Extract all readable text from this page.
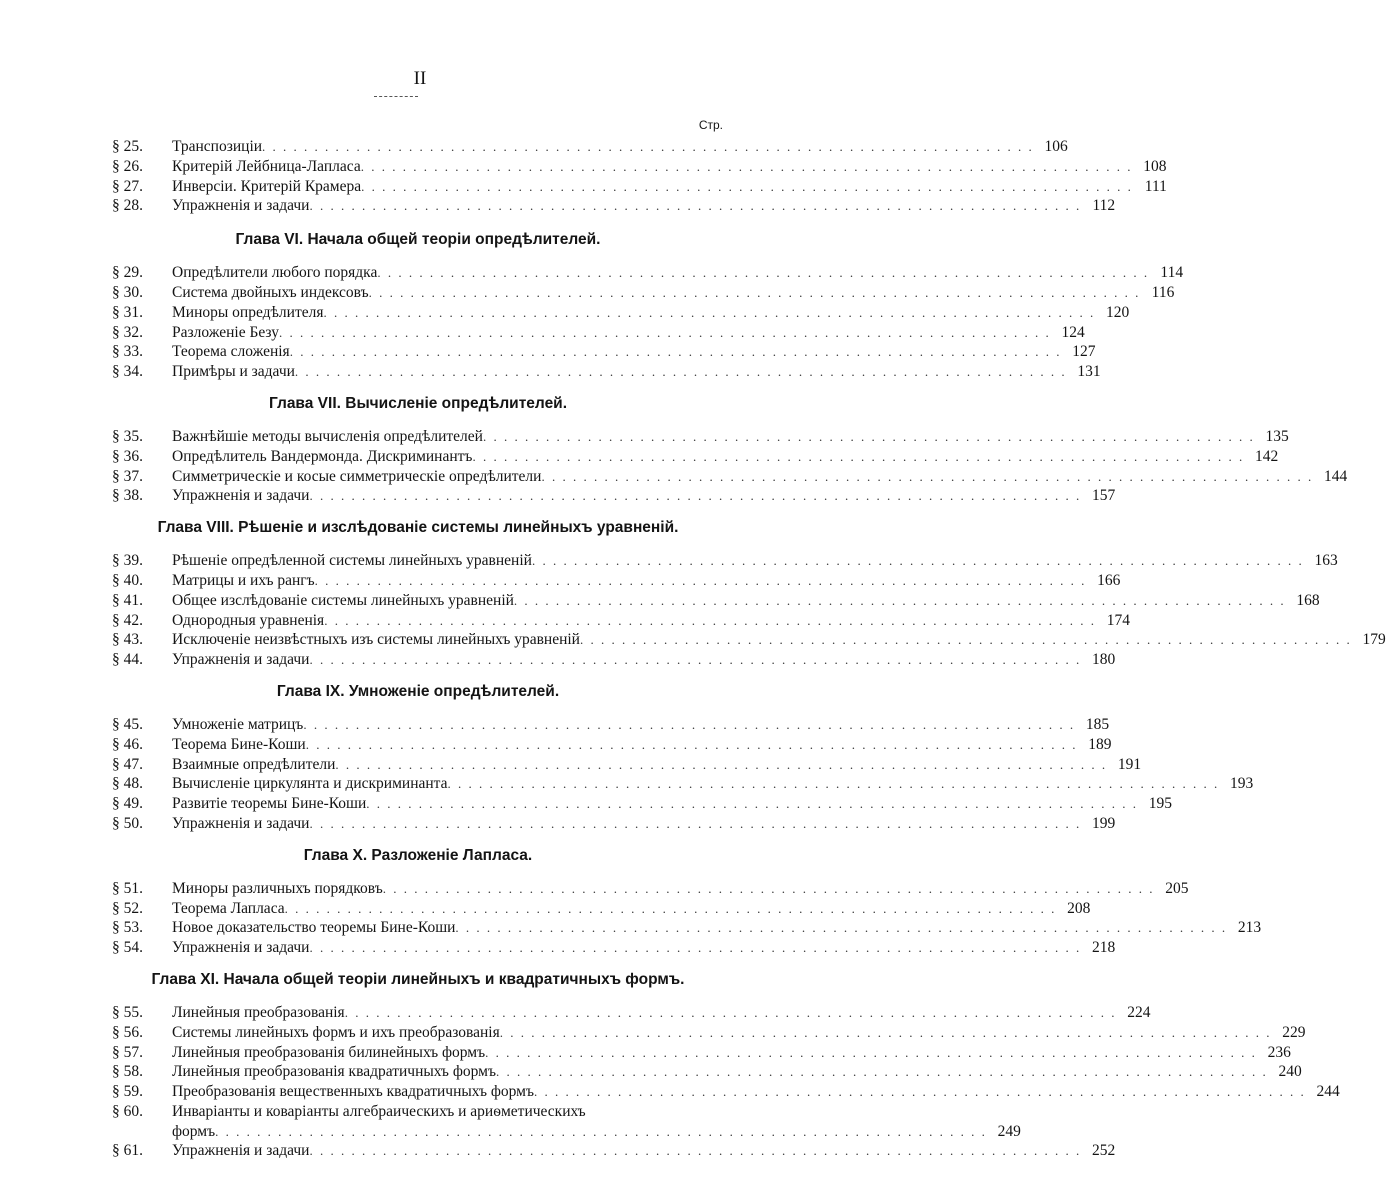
II
Стр.
§ 25.	Транспозиціи . . . . . . . . . . . . . . . . . . . . . . . . . . . . . . . . . . . . . . . . . . . . . . . . . . . . . . . . . . . . . . . . . . . . . . . . . . 106
§ 26.	Критерій Лейбница-Лапласа . . . . . . . . . . . . . . . . . . . . . . . . . . . . . . . . . . . . . . . . . . . . . . . . . . . . . . . . . . . . . . . . . . . . . . . . . . 108
§ 27.	Инверсіи. Критерій Крамера . . . . . . . . . . . . . . . . . . . . . . . . . . . . . . . . . . . . . . . . . . . . . . . . . . . . . . . . . . . . . . . . . . . . . . . . . . 111
§ 28.	Упражненія и задачи . . . . . . . . . . . . . . . . . . . . . . . . . . . . . . . . . . . . . . . . . . . . . . . . . . . . . . . . . . . . . . . . . . . . . . . . . . 112
Глава VI. Начала общей теоріи опредѣлителей.
§ 29.	Опредѣлители любого порядка . . . . . . . . . . . . . . . . . . . . . . . . . . . . . . . . . . . . . . . . . . . . . . . . . . . . . . . . . . . . . . . . . . . . . . . . . . 114
§ 30.	Система двойныхъ индексовъ . . . . . . . . . . . . . . . . . . . . . . . . . . . . . . . . . . . . . . . . . . . . . . . . . . . . . . . . . . . . . . . . . . . . . . . . . . 116
§ 31.	Миноры опредѣлителя . . . . . . . . . . . . . . . . . . . . . . . . . . . . . . . . . . . . . . . . . . . . . . . . . . . . . . . . . . . . . . . . . . . . . . . . . . 120
§ 32.	Разложеніе Безу . . . . . . . . . . . . . . . . . . . . . . . . . . . . . . . . . . . . . . . . . . . . . . . . . . . . . . . . . . . . . . . . . . . . . . . . . . 124
§ 33.	Теорема сложенія . . . . . . . . . . . . . . . . . . . . . . . . . . . . . . . . . . . . . . . . . . . . . . . . . . . . . . . . . . . . . . . . . . . . . . . . . . 127
§ 34.	Примѣры и задачи . . . . . . . . . . . . . . . . . . . . . . . . . . . . . . . . . . . . . . . . . . . . . . . . . . . . . . . . . . . . . . . . . . . . . . . . . . 131
Глава VII. Вычисленіе опредѣлителей.
§ 35.	Важнѣйшіе методы вычисленія опредѣлителей . . . . . . . . . . . . . . . . . . . . . . . . . . . . . . . . . . . . . . . . . . . . . . . . . . . . . . . . . . . . . . . . . . . . . . . . . . 135
§ 36.	Опредѣлитель Вандермонда. Дискриминантъ . . . . . . . . . . . . . . . . . . . . . . . . . . . . . . . . . . . . . . . . . . . . . . . . . . . . . . . . . . . . . . . . . . . . . . . . . . 142
§ 37.	Симметрическіе и косые симметрическіе опредѣлители . . . . . . . . . . . . . . . . . . . . . . . . . . . . . . . . . . . . . . . . . . . . . . . . . . . . . . . . . . . . . . . . . . . . . . . . . . 144
§ 38.	Упражненія и задачи . . . . . . . . . . . . . . . . . . . . . . . . . . . . . . . . . . . . . . . . . . . . . . . . . . . . . . . . . . . . . . . . . . . . . . . . . . 157
Глава VIII. Рѣшеніе и изслѣдованіе системы линейныхъ уравненій.
§ 39.	Рѣшеніе опредѣленной системы линейныхъ уравненій . . . . . . . . . . . . . . . . . . . . . . . . . . . . . . . . . . . . . . . . . . . . . . . . . . . . . . . . . . . . . . . . . . . . . . . . . . 163
§ 40.	Матрицы и ихъ рангъ . . . . . . . . . . . . . . . . . . . . . . . . . . . . . . . . . . . . . . . . . . . . . . . . . . . . . . . . . . . . . . . . . . . . . . . . . . 166
§ 41.	Общее изслѣдованіе системы линейныхъ уравненій . . . . . . . . . . . . . . . . . . . . . . . . . . . . . . . . . . . . . . . . . . . . . . . . . . . . . . . . . . . . . . . . . . . . . . . . . . 168
§ 42.	Однородныя уравненія . . . . . . . . . . . . . . . . . . . . . . . . . . . . . . . . . . . . . . . . . . . . . . . . . . . . . . . . . . . . . . . . . . . . . . . . . . 174
§ 43.	Исключеніе неизвѣстныхъ изъ системы линейныхъ уравненій . . . . . . . . . . . . . . . . . . . . . . . . . . . . . . . . . . . . . . . . . . . . . . . . . . . . . . . . . . . . . . . . . . . . . . . . . . 179
§ 44.	Упражненія и задачи . . . . . . . . . . . . . . . . . . . . . . . . . . . . . . . . . . . . . . . . . . . . . . . . . . . . . . . . . . . . . . . . . . . . . . . . . . 180
Глава IX. Умноженіе опредѣлителей.
§ 45.	Умноженіе матрицъ . . . . . . . . . . . . . . . . . . . . . . . . . . . . . . . . . . . . . . . . . . . . . . . . . . . . . . . . . . . . . . . . . . . . . . . . . . 185
§ 46.	Теорема Бине-Коши . . . . . . . . . . . . . . . . . . . . . . . . . . . . . . . . . . . . . . . . . . . . . . . . . . . . . . . . . . . . . . . . . . . . . . . . . . 189
§ 47.	Взаимные опредѣлители . . . . . . . . . . . . . . . . . . . . . . . . . . . . . . . . . . . . . . . . . . . . . . . . . . . . . . . . . . . . . . . . . . . . . . . . . . 191
§ 48.	Вычисленіе циркулянта и дискриминанта . . . . . . . . . . . . . . . . . . . . . . . . . . . . . . . . . . . . . . . . . . . . . . . . . . . . . . . . . . . . . . . . . . . . . . . . . . 193
§ 49.	Развитіе теоремы Бине-Коши . . . . . . . . . . . . . . . . . . . . . . . . . . . . . . . . . . . . . . . . . . . . . . . . . . . . . . . . . . . . . . . . . . . . . . . . . . 195
§ 50.	Упражненія и задачи . . . . . . . . . . . . . . . . . . . . . . . . . . . . . . . . . . . . . . . . . . . . . . . . . . . . . . . . . . . . . . . . . . . . . . . . . . 199
Глава X. Разложеніе Лапласа.
§ 51.	Миноры различныхъ порядковъ . . . . . . . . . . . . . . . . . . . . . . . . . . . . . . . . . . . . . . . . . . . . . . . . . . . . . . . . . . . . . . . . . . . . . . . . . . 205
§ 52.	Теорема Лапласа . . . . . . . . . . . . . . . . . . . . . . . . . . . . . . . . . . . . . . . . . . . . . . . . . . . . . . . . . . . . . . . . . . . . . . . . . . 208
§ 53.	Новое доказательство теоремы Бине-Коши . . . . . . . . . . . . . . . . . . . . . . . . . . . . . . . . . . . . . . . . . . . . . . . . . . . . . . . . . . . . . . . . . . . . . . . . . . 213
§ 54.	Упражненія и задачи . . . . . . . . . . . . . . . . . . . . . . . . . . . . . . . . . . . . . . . . . . . . . . . . . . . . . . . . . . . . . . . . . . . . . . . . . . 218
Глава XI. Начала общей теоріи линейныхъ и квадратичныхъ формъ.
§ 55.	Линейныя преобразованія . . . . . . . . . . . . . . . . . . . . . . . . . . . . . . . . . . . . . . . . . . . . . . . . . . . . . . . . . . . . . . . . . . . . . . . . . . 224
§ 56.	Системы линейныхъ формъ и ихъ преобразованія . . . . . . . . . . . . . . . . . . . . . . . . . . . . . . . . . . . . . . . . . . . . . . . . . . . . . . . . . . . . . . . . . . . . . . . . . . 229
§ 57.	Линейныя преобразованія билинейныхъ формъ . . . . . . . . . . . . . . . . . . . . . . . . . . . . . . . . . . . . . . . . . . . . . . . . . . . . . . . . . . . . . . . . . . . . . . . . . . 236
§ 58.	Линейныя преобразованія квадратичныхъ формъ . . . . . . . . . . . . . . . . . . . . . . . . . . . . . . . . . . . . . . . . . . . . . . . . . . . . . . . . . . . . . . . . . . . . . . . . . . 240
§ 59.	Преобразованія вещественныхъ квадратичныхъ формъ . . . . . . . . . . . . . . . . . . . . . . . . . . . . . . . . . . . . . . . . . . . . . . . . . . . . . . . . . . . . . . . . . . . . . . . . . . 244
§ 60.	Инваріанты и коваріанты алгебраическихъ и ариѳметическихъ
формъ . . . . . . . . . . . . . . . . . . . . . . . . . . . . . . . . . . . . . . . . . . . . . . . . . . . . . . . . . . . . . . . . . . . . . . . . . . 249
§ 61.	Упражненія и задачи . . . . . . . . . . . . . . . . . . . . . . . . . . . . . . . . . . . . . . . . . . . . . . . . . . . . . . . . . . . . . . . . . . . . . . . . . . 252
